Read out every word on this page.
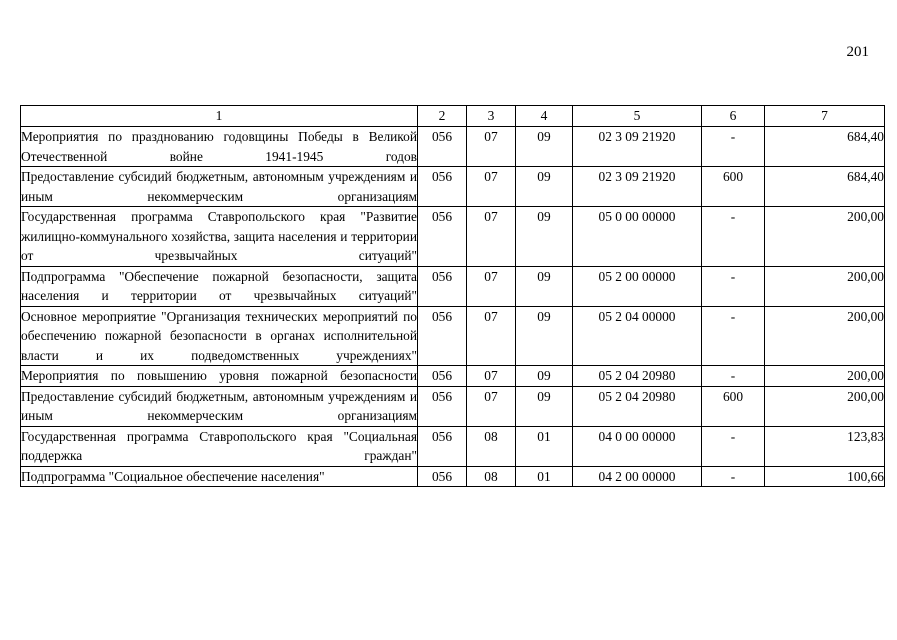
201
1	2	3	4	5	6	7
Мероприятия по празднованию годовщины Победы в Великой Отечественной войне 1941-1945 годов	056	07	09	02 3 09 21920	-	684,40
Предоставление субсидий бюджетным, автономным учреждениям и иным некоммерческим организациям	056	07	09	02 3 09 21920	600	684,40
Государственная программа Ставропольского края "Развитие жилищно-коммунального хозяйства, защита населения и территории от чрезвычайных ситуаций"	056	07	09	05 0 00 00000	-	200,00
Подпрограмма "Обеспечение пожарной безопасности, защита населения и территории от чрезвычайных ситуаций"	056	07	09	05 2 00 00000	-	200,00
Основное мероприятие "Организация технических мероприятий по обеспечению пожарной безопасности в органах исполнительной власти и их подведомственных учреждениях"	056	07	09	05 2 04 00000	-	200,00
Мероприятия по повышению уровня пожарной безопасности	056	07	09	05 2 04 20980	-	200,00
Предоставление субсидий бюджетным, автономным учреждениям и иным некоммерческим организациям	056	07	09	05 2 04 20980	600	200,00
Государственная программа Ставропольского края "Социальная поддержка граждан"	056	08	01	04 0 00 00000	-	123,83
Подпрограмма "Социальное обеспечение населения"	056	08	01	04 2 00 00000	-	100,66
